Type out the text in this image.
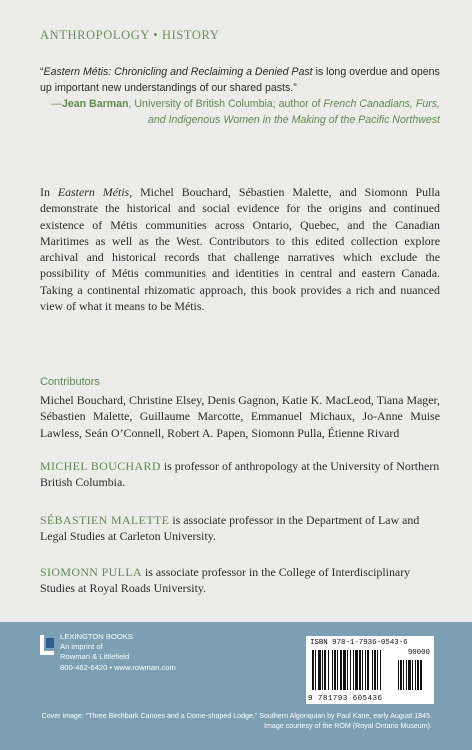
ANTHROPOLOGY • HISTORY
“Eastern Métis: Chronicling and Reclaiming a Denied Past is long overdue and opens up important new understandings of our shared pasts.”
—Jean Barman, University of British Columbia; author of French Canadians, Furs, and Indigenous Women in the Making of the Pacific Northwest
In Eastern Métis, Michel Bouchard, Sébastien Malette, and Siomonn Pulla demonstrate the historical and social evidence for the origins and continued existence of Métis communities across Ontario, Quebec, and the Canadian Maritimes as well as the West. Contributors to this edited collection explore archival and historical records that challenge narratives which exclude the possibility of Métis communities and identities in central and eastern Canada. Taking a continental rhizomatic approach, this book provides a rich and nuanced view of what it means to be Métis.
Contributors
Michel Bouchard, Christine Elsey, Denis Gagnon, Katie K. MacLeod, Tiana Mager, Sébastien Malette, Guillaume Marcotte, Emmanuel Michaux, Jo-Anne Muise Lawless, Seán O’Connell, Robert A. Papen, Siomonn Pulla, Étienne Rivard
MICHEL BOUCHARD is professor of anthropology at the University of Northern British Columbia.
SÉBASTIEN MALETTE is associate professor in the Department of Law and Legal Studies at Carleton University.
SIOMONN PULLA is associate professor in the College of Interdisciplinary Studies at Royal Roads University.
LEXINGTON BOOKS
An imprint of
Rowman & Littlefield
800-462-6420 • www.rowman.com
ISBN 978-1-7936-0543-6
90000
9 781793 605436
Cover image: “Three Birchbark Canoes and a Dome-shaped Lodge,” Southern Algonquian by Paul Kane, early August 1845. Image courtesy of the ROM (Royal Ontario Museum).
